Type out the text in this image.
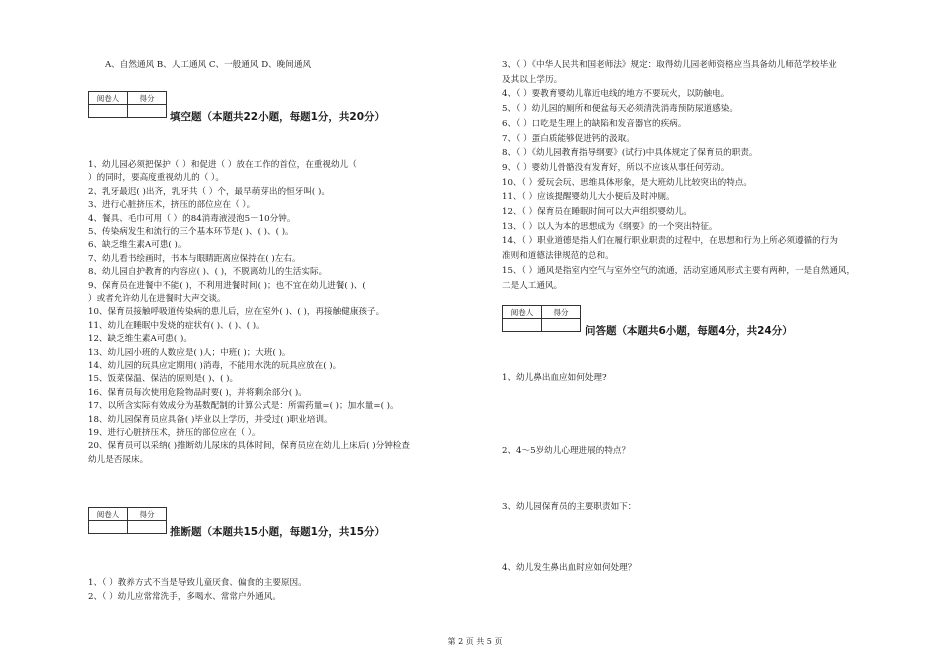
A、自然通风 B、人工通风 C、一般通风 D、晚间通风
阅卷人	得分

填空题（本题共22小题，每题1分，共20分）
1、幼儿园必须把保护（ ）和促进（ ）放在工作的首位，在重视幼儿（
）的同时，要高度重视幼儿的（ ）。
2、乳牙最迟( )出齐，乳牙共（ ）个，最早萌芽出的恒牙叫( )。
3、进行心脏挤压术，挤压的部位应在（ ）。
4、餐具、毛巾可用（ ）的84消毒液浸泡5－10分钟。
5、传染病发生和流行的三个基本环节是( )、( )、( )。
6、缺乏维生素A可患( )。
7、幼儿看书绘画时，书本与眼睛距离应保持在( )左右。
8、幼儿园自护教育的内容应( )、( )，不脱离幼儿的生活实际。
9、保育员在进餐中不能( )，不利用进餐时间( )；也不宜在幼儿进餐( )、(
）或者允许幼儿在进餐时大声交谈。
10、保育员接触呼吸道传染病的患儿后，应在室外( )、( )，再接触健康孩子。
11、幼儿在睡眠中发烧的症状有( )、( )、( )。
12、缺乏维生素A可患( )。
13、幼儿园小班的人数应是( )人；中班( )；大班( )。
14、幼儿园的玩具应定期用( )消毒，不能用水洗的玩具应放在( )。
15、饭菜保温、保洁的原则是( )、( )。
16、保育员每次使用危险物品时要( )，并将剩余部分( )。
17、以所含实际有效成分为基数配制的计算公式是：所需药量=( )；加水量=( )。
18、幼儿园保育员应具备( )毕业以上学历，并受过( )职业培训。
19、进行心脏挤压术，挤压的部位应在（ ）。
20、保育员可以采纳( )推断幼儿尿床的具体时间，保育员应在幼儿上床后( )分钟检查
幼儿是否尿床。
阅卷人	得分

推断题（本题共15小题，每题1分，共15分）
1、（ ）教养方式不当是导致儿童厌食、偏食的主要原因。
2、（ ）幼儿应常常洗手，多喝水、常常户外通风。
3、（ ）《中华人民共和国老师法》规定：取得幼儿园老师资格应当具备幼儿师范学校毕业
及其以上学历。
4、（ ）要教育婴幼儿靠近电线的地方不要玩火，以防触电。
5、（ ）幼儿园的厕所和便盆每天必须清洗消毒预防尿道感染。
6、（ ）口吃是生理上的缺陷和发音器官的疾病。
7、（ ）蛋白质能够促进钙的汲取。
8、（ ）《幼儿园教育指导纲要》(试行)中具体规定了保育员的职责。
9、（ ）婴幼儿骨骼没有发育好，所以不应该从事任何劳动。
10、（ ）爱玩会玩、思维具体形象，是大班幼儿比较突出的特点。
11、（ ）应该提醒婴幼儿大小便后及时冲厕。
12、（ ）保育员在睡眠时间可以大声组织婴幼儿。
13、（ ）以人为本的思想成为《纲要》的一个突出特征。
14、（ ）职业道德是指人们在履行职业职责的过程中，在思想和行为上所必须遵循的行为
准则和道德法律规范的总和。
15、（ ）通风是指室内空气与室外空气的流通，活动室通风形式主要有两种，一是自然通风，
二是人工通风。
阅卷人	得分

问答题（本题共6小题，每题4分，共24分）
1、幼儿鼻出血应如何处理?
2、4～5岁幼儿心理进展的特点？
3、幼儿园保育员的主要职责如下：
4、幼儿发生鼻出血时应如何处理？
第 2 页 共 5 页
